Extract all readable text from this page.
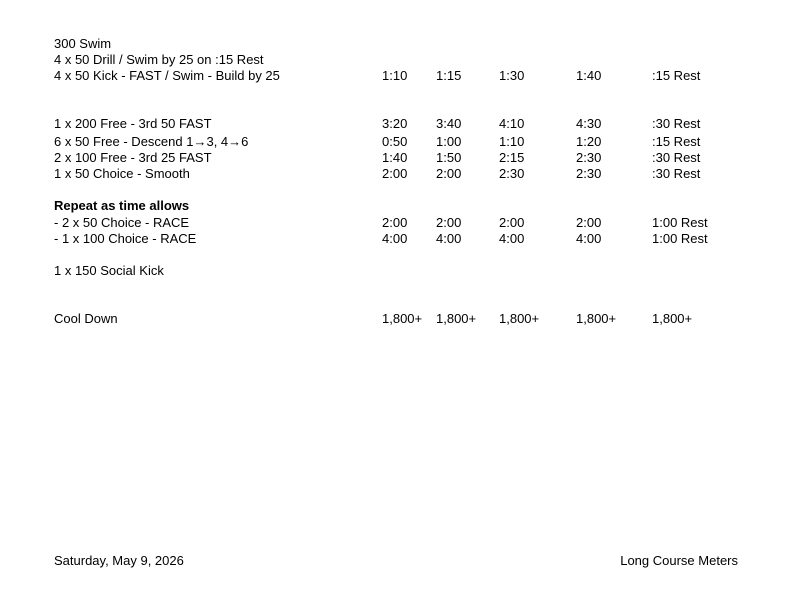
300 Swim
4 x 50 Drill / Swim by 25 on :15 Rest
4 x 50 Kick - FAST / Swim - Build by 25	1:10 1:15	1:30	1:40	:15 Rest
1 x 200 Free - 3rd 50 FAST	3:20 3:40	4:10	4:30	:30 Rest
6 x 50 Free - Descend 1→3, 4→6	0:50 1:00	1:10	1:20	:15 Rest
2 x 100 Free - 3rd 25 FAST	1:40 1:50	2:15	2:30	:30 Rest
1 x 50 Choice - Smooth	2:00 2:00	2:30	2:30	:30 Rest
Repeat as time allows
- 2 x 50 Choice - RACE	2:00 2:00	2:00	2:00	1:00 Rest
- 1 x 100 Choice - RACE	4:00 4:00	4:00	4:00	1:00 Rest
1 x 150 Social Kick
Cool Down	1,800+ 1,800+ 1,800+	1,800+	1,800+
Saturday, May 9, 2026	Long Course Meters
